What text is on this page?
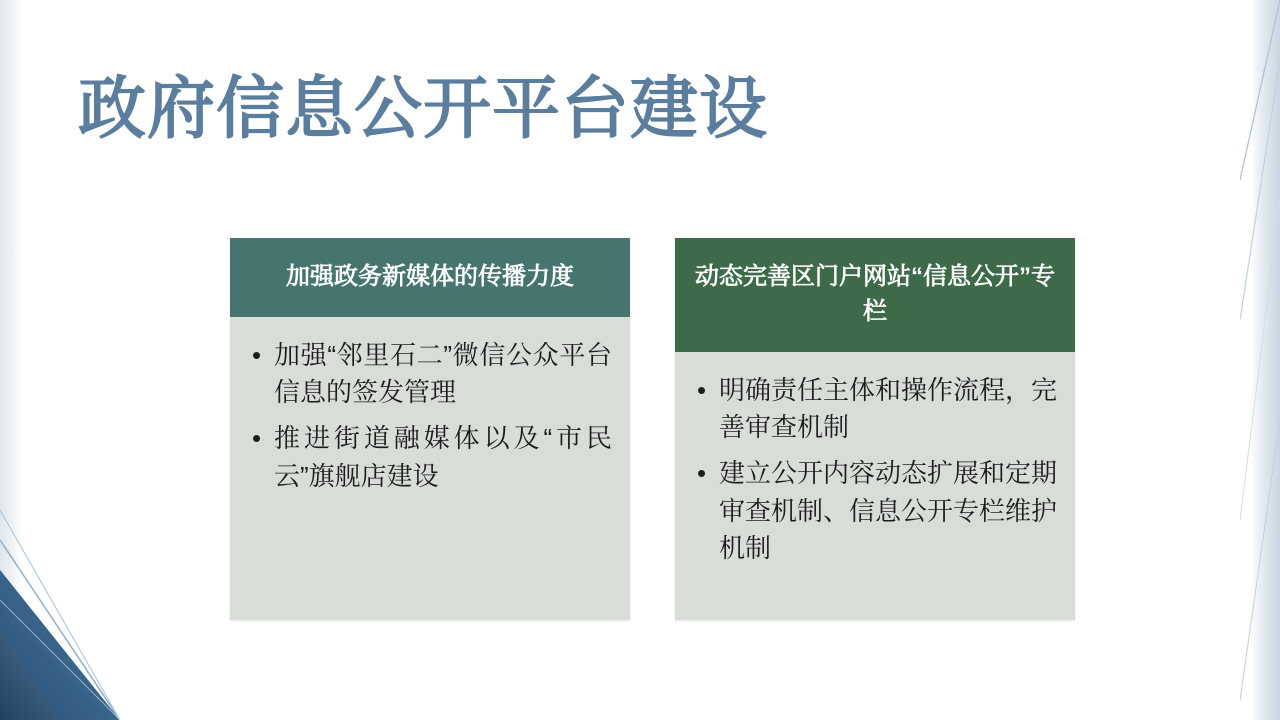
政府信息公开平台建设
加强政务新媒体的传播力度
• 加强“邻里石二”微信公众平台信息的签发管理
• 推进街道融媒体以及“市民云”旗舰店建设
动态完善区门户网站“信息公开”专栏
• 明确责任主体和操作流程，完善审查机制
• 建立公开内容动态扩展和定期审查机制、信息公开专栏维护机制
